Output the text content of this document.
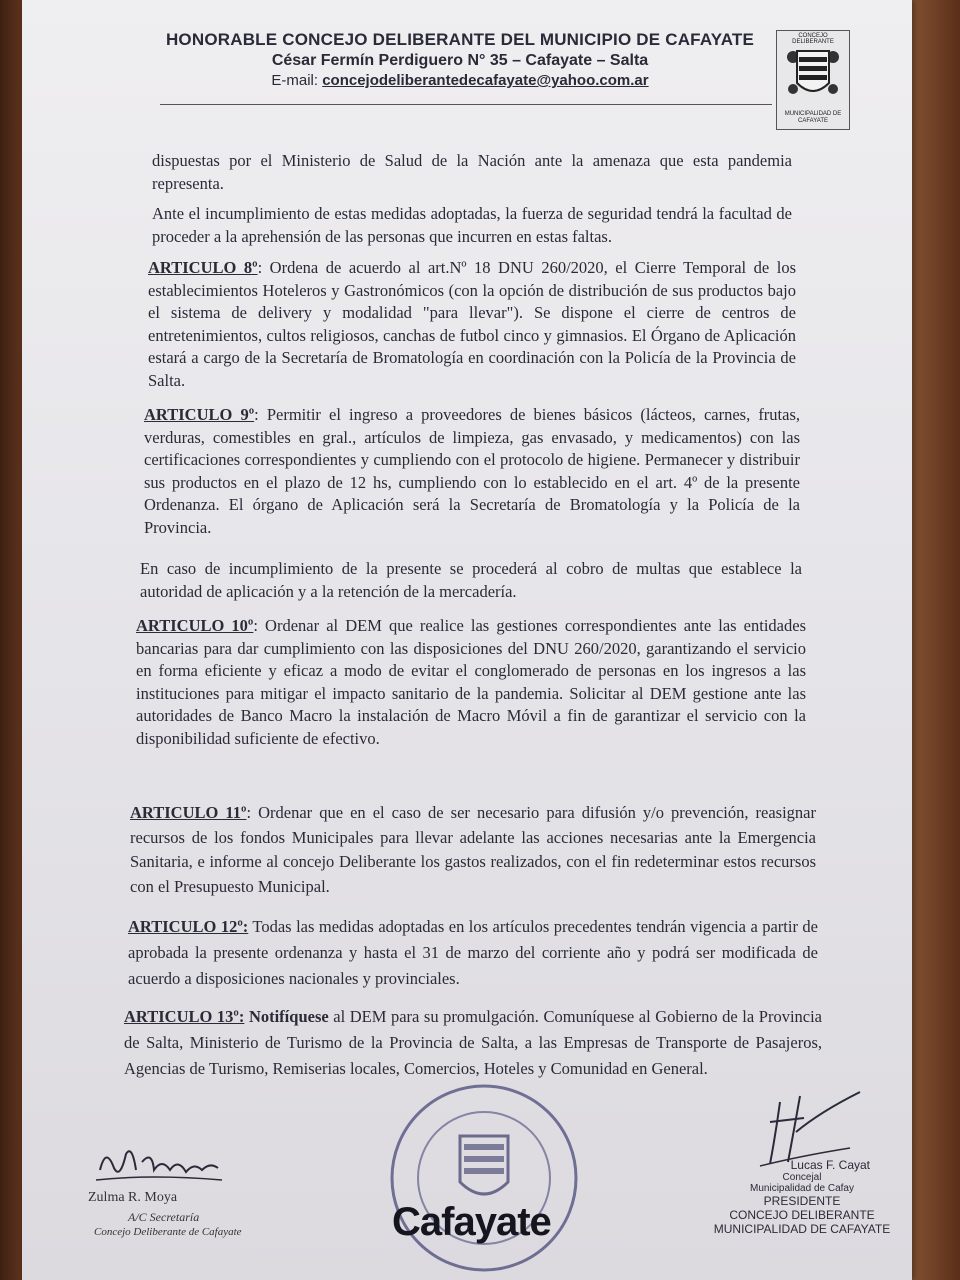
HONORABLE CONCEJO DELIBERANTE DEL MUNICIPIO DE CAFAYATE
César Fermín Perdiguero N° 35 – Cafayate – Salta
E-mail: concejodeliberantedecafayate@yahoo.com.ar
CONCEJO DELIBERANTE
MUNICIPALIDAD DE CAFAYATE
dispuestas por el Ministerio de Salud de la Nación ante la amenaza que esta pandemia representa.
Ante el incumplimiento de estas medidas adoptadas, la fuerza de seguridad tendrá la facultad de proceder a la aprehensión de las personas que incurren en estas faltas.
ARTICULO 8º: Ordena de acuerdo al art.Nº 18 DNU 260/2020, el Cierre Temporal de los establecimientos Hoteleros y Gastronómicos (con la opción de distribución de sus productos bajo el sistema de delivery y modalidad "para llevar"). Se dispone el cierre de centros de entretenimientos, cultos religiosos, canchas de futbol cinco y gimnasios. El Órgano de Aplicación estará a cargo de la Secretaría de Bromatología en coordinación con la Policía de la Provincia de Salta.
ARTICULO 9º: Permitir el ingreso a proveedores de bienes básicos (lácteos, carnes, frutas, verduras, comestibles en gral., artículos de limpieza, gas envasado, y medicamentos) con las certificaciones correspondientes y cumpliendo con el protocolo de higiene. Permanecer y distribuir sus productos en el plazo de 12 hs, cumpliendo con lo establecido en el art. 4º de la presente Ordenanza. El órgano de Aplicación será la Secretaría de Bromatología y la Policía de la Provincia.
En caso de incumplimiento de la presente se procederá al cobro de multas que establece la autoridad de aplicación y a la retención de la mercadería.
ARTICULO 10º: Ordenar al DEM que realice las gestiones correspondientes ante las entidades bancarias para dar cumplimiento con las disposiciones del DNU 260/2020, garantizando el servicio en forma eficiente y eficaz a modo de evitar el conglomerado de personas en los ingresos a las instituciones para mitigar el impacto sanitario de la pandemia. Solicitar al DEM gestione ante las autoridades de Banco Macro la instalación de Macro Móvil a fin de garantizar el servicio con la disponibilidad suficiente de efectivo.
ARTICULO 11º: Ordenar que en el caso de ser necesario para difusión y/o prevención, reasignar recursos de los fondos Municipales para llevar adelante las acciones necesarias ante la Emergencia Sanitaria, e informe al concejo Deliberante los gastos realizados, con el fin redeterminar estos recursos con el Presupuesto Municipal.
ARTICULO 12º: Todas las medidas adoptadas en los artículos precedentes tendrán vigencia a partir de aprobada la presente ordenanza y hasta el 31 de marzo del corriente año y podrá ser modificada de acuerdo a disposiciones nacionales y provinciales.
ARTICULO 13º: Notifíquese al DEM para su promulgación. Comuníquese al Gobierno de la Provincia de Salta, Ministerio de Turismo de la Provincia de Salta, a las Empresas de Transporte de Pasajeros, Agencias de Turismo, Remiserias locales, Comercios, Hoteles y Comunidad en General.
Cafayate
Zulma R. Moya
A/C Secretaría
Concejo Deliberante de Cafayate
Lucas F. Cayat
Concejal
Municipalidad de Cafay
PRESIDENTE
CONCEJO DELIBERANTE
MUNICIPALIDAD DE CAFAYATE
